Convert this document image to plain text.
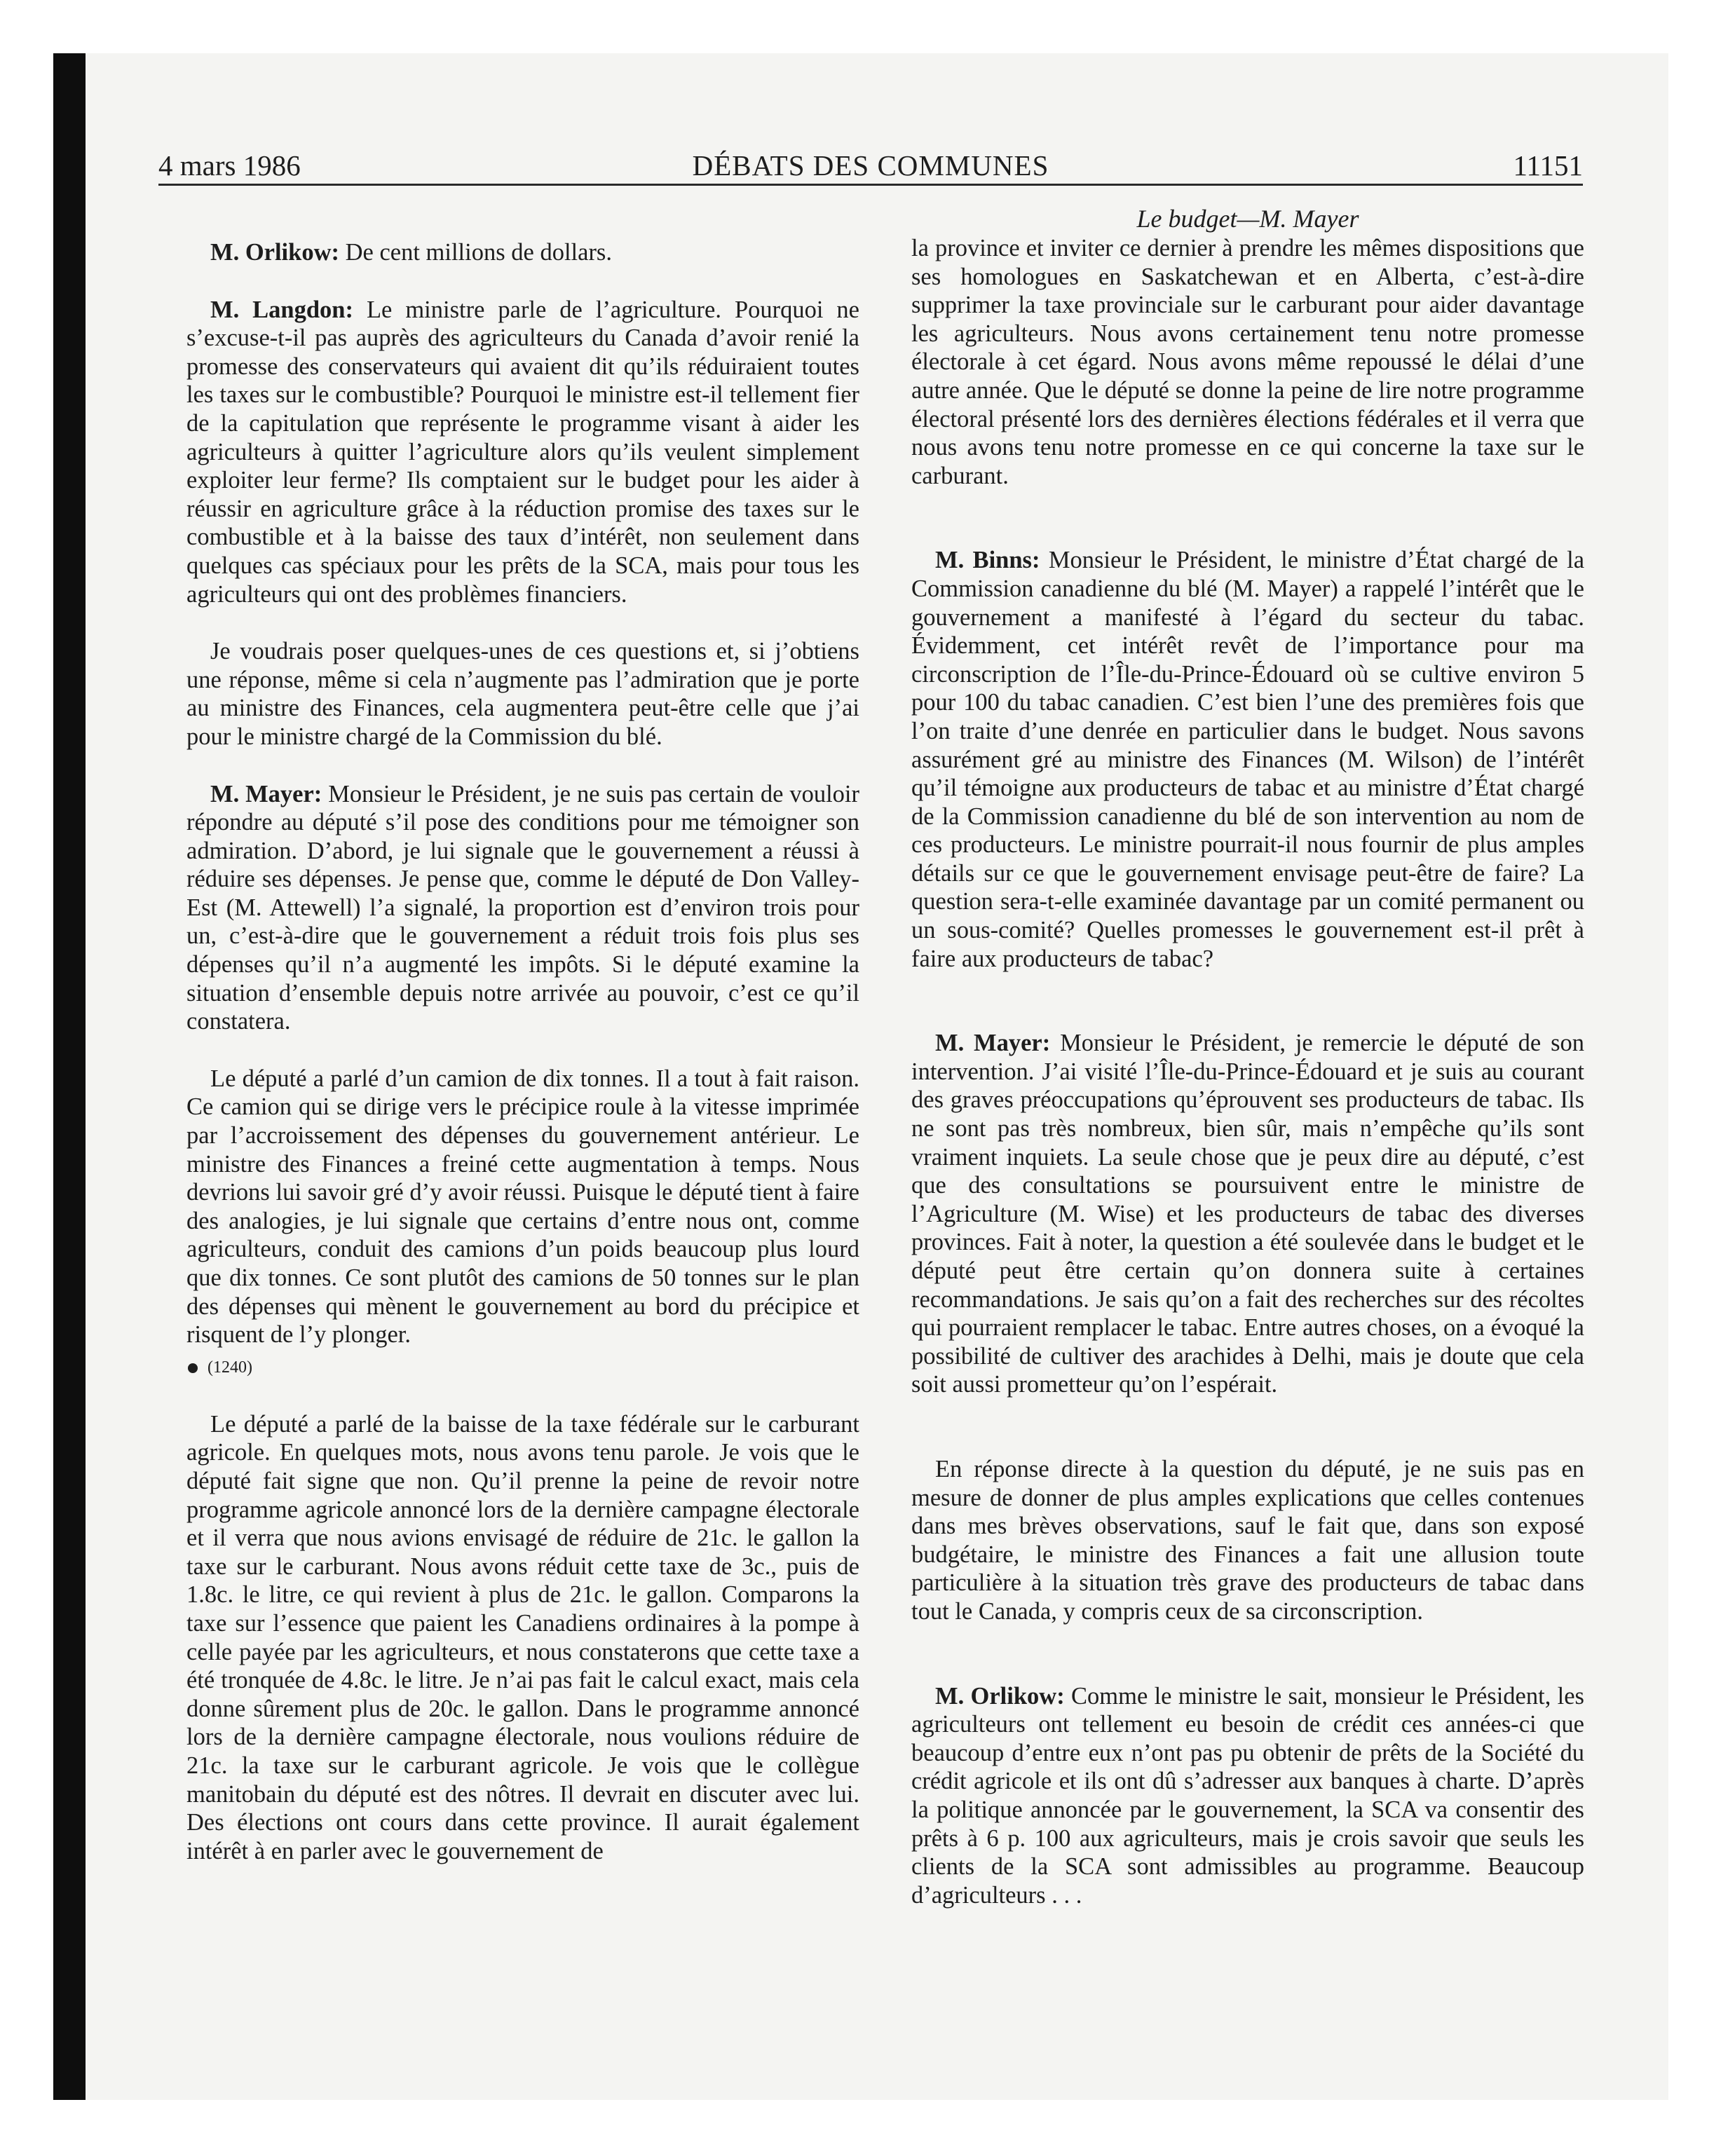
4 mars 1986	DÉBATS DES COMMUNES	11151

M. Orlikow: De cent millions de dollars.

M. Langdon: Le ministre parle de l’agriculture. Pourquoi ne s’excuse-t-il pas auprès des agriculteurs du Canada d’avoir renié la promesse des conservateurs qui avaient dit qu’ils réduiraient toutes les taxes sur le combustible? Pourquoi le ministre est-il tellement fier de la capitulation que représente le programme visant à aider les agriculteurs à quitter l’agriculture alors qu’ils veulent simplement exploiter leur ferme? Ils comptaient sur le budget pour les aider à réussir en agriculture grâce à la réduction promise des taxes sur le combustible et à la baisse des taux d’intérêt, non seulement dans quelques cas spéciaux pour les prêts de la SCA, mais pour tous les agriculteurs qui ont des problèmes financiers.

Je voudrais poser quelques-unes de ces questions et, si j’obtiens une réponse, même si cela n’augmente pas l’admiration que je porte au ministre des Finances, cela augmentera peut-être celle que j’ai pour le ministre chargé de la Commission du blé.

M. Mayer: Monsieur le Président, je ne suis pas certain de vouloir répondre au député s’il pose des conditions pour me témoigner son admiration. D’abord, je lui signale que le gouvernement a réussi à réduire ses dépenses. Je pense que, comme le député de Don Valley-Est (M. Attewell) l’a signalé, la proportion est d’environ trois pour un, c’est-à-dire que le gouvernement a réduit trois fois plus ses dépenses qu’il n’a augmenté les impôts. Si le député examine la situation d’ensemble depuis notre arrivée au pouvoir, c’est ce qu’il constatera.

Le député a parlé d’un camion de dix tonnes. Il a tout à fait raison. Ce camion qui se dirige vers le précipice roule à la vitesse imprimée par l’accroissement des dépenses du gouvernement antérieur. Le ministre des Finances a freiné cette augmentation à temps. Nous devrions lui savoir gré d’y avoir réussi. Puisque le député tient à faire des analogies, je lui signale que certains d’entre nous ont, comme agriculteurs, conduit des camions d’un poids beaucoup plus lourd que dix tonnes. Ce sont plutôt des camions de 50 tonnes sur le plan des dépenses qui mènent le gouvernement au bord du précipice et risquent de l’y plonger.

(1240)

Le député a parlé de la baisse de la taxe fédérale sur le carburant agricole. En quelques mots, nous avons tenu parole. Je vois que le député fait signe que non. Qu’il prenne la peine de revoir notre programme agricole annoncé lors de la dernière campagne électorale et il verra que nous avions envisagé de réduire de 21c. le gallon la taxe sur le carburant. Nous avons réduit cette taxe de 3c., puis de 1.8c. le litre, ce qui revient à plus de 21c. le gallon. Comparons la taxe sur l’essence que paient les Canadiens ordinaires à la pompe à celle payée par les agriculteurs, et nous constaterons que cette taxe a été tronquée de 4.8c. le litre. Je n’ai pas fait le calcul exact, mais cela donne sûrement plus de 20c. le gallon. Dans le programme annoncé lors de la dernière campagne électorale, nous voulions réduire de 21c. la taxe sur le carburant agricole. Je vois que le collègue manitobain du député est des nôtres. Il devrait en discuter avec lui. Des élections ont cours dans cette province. Il aurait également intérêt à en parler avec le gouvernement de

Le budget—M. Mayer

la province et inviter ce dernier à prendre les mêmes dispositions que ses homologues en Saskatchewan et en Alberta, c’est-à-dire supprimer la taxe provinciale sur le carburant pour aider davantage les agriculteurs. Nous avons certainement tenu notre promesse électorale à cet égard. Nous avons même repoussé le délai d’une autre année. Que le député se donne la peine de lire notre programme électoral présenté lors des dernières élections fédérales et il verra que nous avons tenu notre promesse en ce qui concerne la taxe sur le carburant.

M. Binns: Monsieur le Président, le ministre d’État chargé de la Commission canadienne du blé (M. Mayer) a rappelé l’intérêt que le gouvernement a manifesté à l’égard du secteur du tabac. Évidemment, cet intérêt revêt de l’importance pour ma circonscription de l’Île-du-Prince-Édouard où se cultive environ 5 pour 100 du tabac canadien. C’est bien l’une des premières fois que l’on traite d’une denrée en particulier dans le budget. Nous savons assurément gré au ministre des Finances (M. Wilson) de l’intérêt qu’il témoigne aux producteurs de tabac et au ministre d’État chargé de la Commission canadienne du blé de son intervention au nom de ces producteurs. Le ministre pourrait-il nous fournir de plus amples détails sur ce que le gouvernement envisage peut-être de faire? La question sera-t-elle examinée davantage par un comité permanent ou un sous-comité? Quelles promesses le gouvernement est-il prêt à faire aux producteurs de tabac?

M. Mayer: Monsieur le Président, je remercie le député de son intervention. J’ai visité l’Île-du-Prince-Édouard et je suis au courant des graves préoccupations qu’éprouvent ses producteurs de tabac. Ils ne sont pas très nombreux, bien sûr, mais n’empêche qu’ils sont vraiment inquiets. La seule chose que je peux dire au député, c’est que des consultations se poursuivent entre le ministre de l’Agriculture (M. Wise) et les producteurs de tabac des diverses provinces. Fait à noter, la question a été soulevée dans le budget et le député peut être certain qu’on donnera suite à certaines recommandations. Je sais qu’on a fait des recherches sur des récoltes qui pourraient remplacer le tabac. Entre autres choses, on a évoqué la possibilité de cultiver des arachides à Delhi, mais je doute que cela soit aussi prometteur qu’on l’espérait.

En réponse directe à la question du député, je ne suis pas en mesure de donner de plus amples explications que celles contenues dans mes brèves observations, sauf le fait que, dans son exposé budgétaire, le ministre des Finances a fait une allusion toute particulière à la situation très grave des producteurs de tabac dans tout le Canada, y compris ceux de sa circonscription.

M. Orlikow: Comme le ministre le sait, monsieur le Président, les agriculteurs ont tellement eu besoin de crédit ces années-ci que beaucoup d’entre eux n’ont pas pu obtenir de prêts de la Société du crédit agricole et ils ont dû s’adresser aux banques à charte. D’après la politique annoncée par le gouvernement, la SCA va consentir des prêts à 6 p. 100 aux agriculteurs, mais je crois savoir que seuls les clients de la SCA sont admissibles au programme. Beaucoup d’agriculteurs . . .
